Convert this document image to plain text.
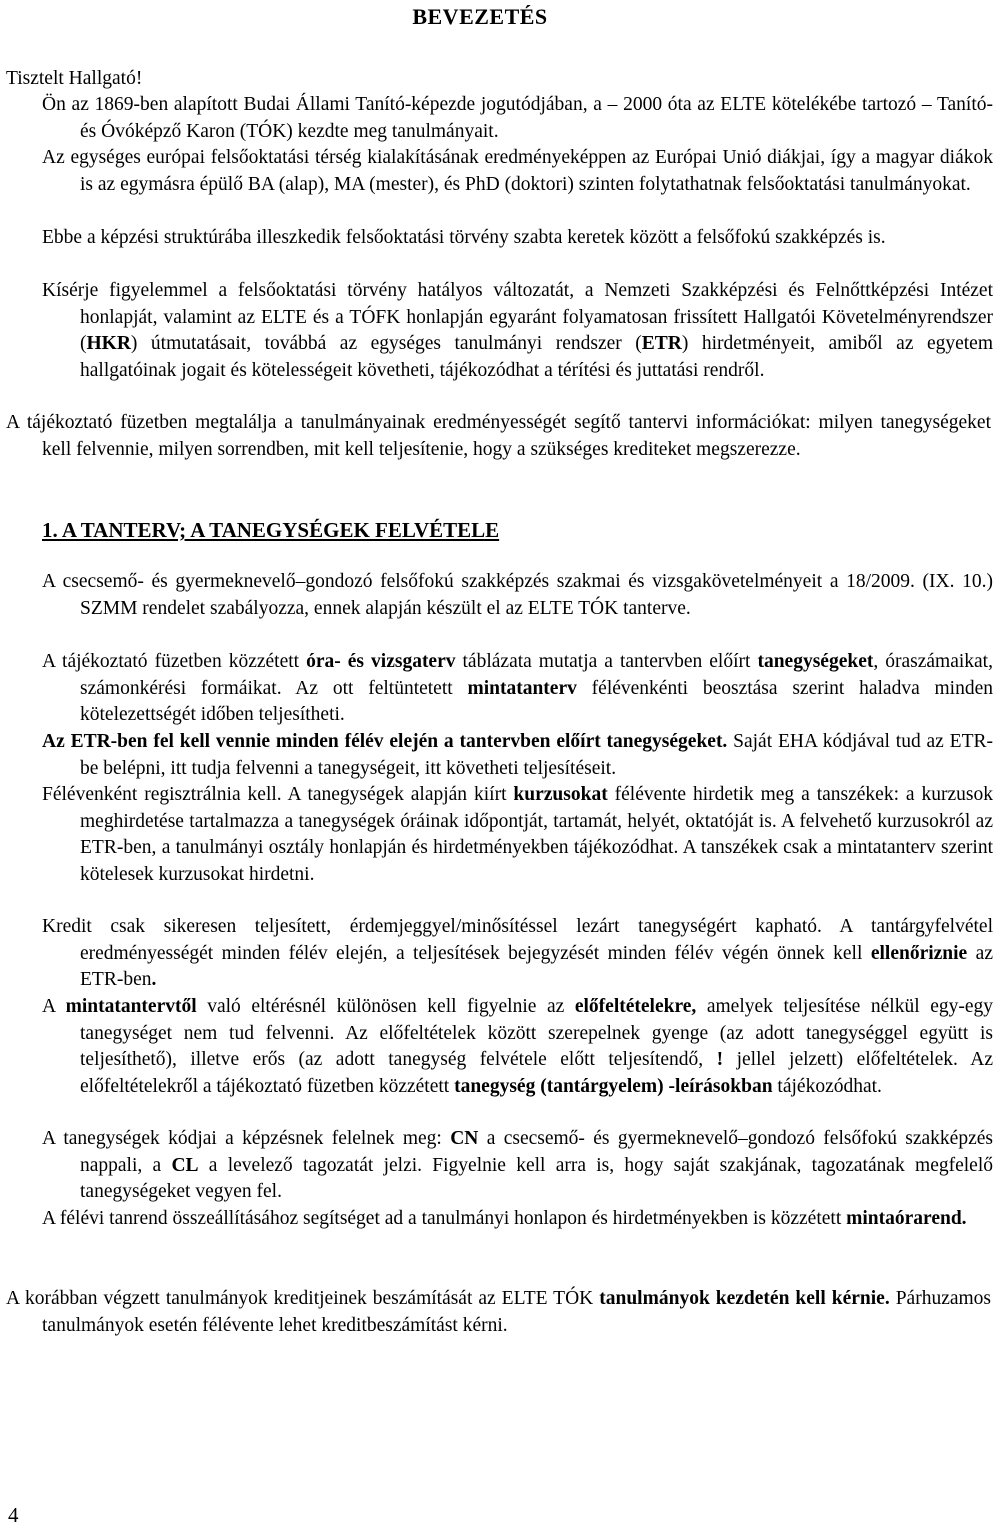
BEVEZETÉS

Tisztelt Hallgató!

Ön az 1869-ben alapított Budai Állami Tanító-képezde jogutódjában, a – 2000 óta az ELTE kötelékébe tartozó – Tanító- és Óvóképző Karon (TÓK) kezdte meg tanulmányait.

Az egységes európai felsőoktatási térség kialakításának eredményeképpen az Európai Unió diákjai, így a magyar diákok is az egymásra épülő BA (alap), MA (mester), és PhD (doktori) szinten folytathatnak felsőoktatási tanulmányokat.

Ebbe a képzési struktúrába illeszkedik felsőoktatási törvény szabta keretek között a felsőfokú szakképzés is.

Kísérje figyelemmel a felsőoktatási törvény hatályos változatát, a Nemzeti Szakképzési és Felnőttképzési Intézet honlapját, valamint az ELTE és a TÓFK honlapján egyaránt folyamatosan frissített Hallgatói Követelményrendszer (HKR) útmutatásait, továbbá az egységes tanulmányi rendszer (ETR) hirdetményeit, amiből az egyetem hallgatóinak jogait és kötelességeit követheti, tájékozódhat a térítési és juttatási rendről.

A tájékoztató füzetben megtalálja a tanulmányainak eredményességét segítő tantervi információkat: milyen tanegységeket kell felvennie, milyen sorrendben, mit kell teljesítenie, hogy a szükséges krediteket megszerezze.

1. A TANTERV; A TANEGYSÉGEK FELVÉTELE

A csecsemő- és gyermeknevelő–gondozó felsőfokú szakképzés szakmai és vizsgakövetelményeit a 18/2009. (IX. 10.) SZMM rendelet szabályozza, ennek alapján készült el az ELTE TÓK tanterve.

A tájékoztató füzetben közzétett óra- és vizsgaterv táblázata mutatja a tantervben előírt tanegységeket, óraszámaikat, számonkérési formáikat. Az ott feltüntetett mintatanterv félévenkénti beosztása szerint haladva minden kötelezettségét időben teljesítheti.

Az ETR-ben fel kell vennie minden félév elején a tantervben előírt tanegységeket. Saját EHA kódjával tud az ETR-be belépni, itt tudja felvenni a tanegységeit, itt követheti teljesítéseit.

Félévenként regisztrálnia kell. A tanegységek alapján kiírt kurzusokat félévente hirdetik meg a tanszékek: a kurzusok meghirdetése tartalmazza a tanegységek óráinak időpontját, tartamát, helyét, oktatóját is. A felvehető kurzusokról az ETR-ben, a tanulmányi osztály honlapján és hirdetményekben tájékozódhat. A tanszékek csak a mintatanterv szerint kötelesek kurzusokat hirdetni.

Kredit csak sikeresen teljesített, érdemjeggyel/minősítéssel lezárt tanegységért kapható. A tantárgyfelvétel eredményességét minden félév elején, a teljesítések bejegyzését minden félév végén önnek kell ellenőriznie az ETR-ben.

A mintatantervtől való eltérésnél különösen kell figyelnie az előfeltételekre, amelyek teljesítése nélkül egy-egy tanegységet nem tud felvenni. Az előfeltételek között szerepelnek gyenge (az adott tanegységgel együtt is teljesíthető), illetve erős (az adott tanegység felvétele előtt teljesítendő, ! jellel jelzett) előfeltételek. Az előfeltételekről a tájékoztató füzetben közzétett tanegység (tantárgyelem) -leírásokban tájékozódhat.

A tanegységek kódjai a képzésnek felelnek meg: CN a csecsemő- és gyermeknevelő–gondozó felsőfokú szakképzés nappali, a CL a levelező tagozatát jelzi. Figyelnie kell arra is, hogy saját szakjának, tagozatának megfelelő tanegységeket vegyen fel.

A félévi tanrend összeállításához segítséget ad a tanulmányi honlapon és hirdetményekben is közzétett mintaórarend.

A korábban végzett tanulmányok kreditjeinek beszámítását az ELTE TÓK tanulmányok kezdetén kell kérnie. Párhuzamos tanulmányok esetén félévente lehet kreditbeszámítást kérni.

4
